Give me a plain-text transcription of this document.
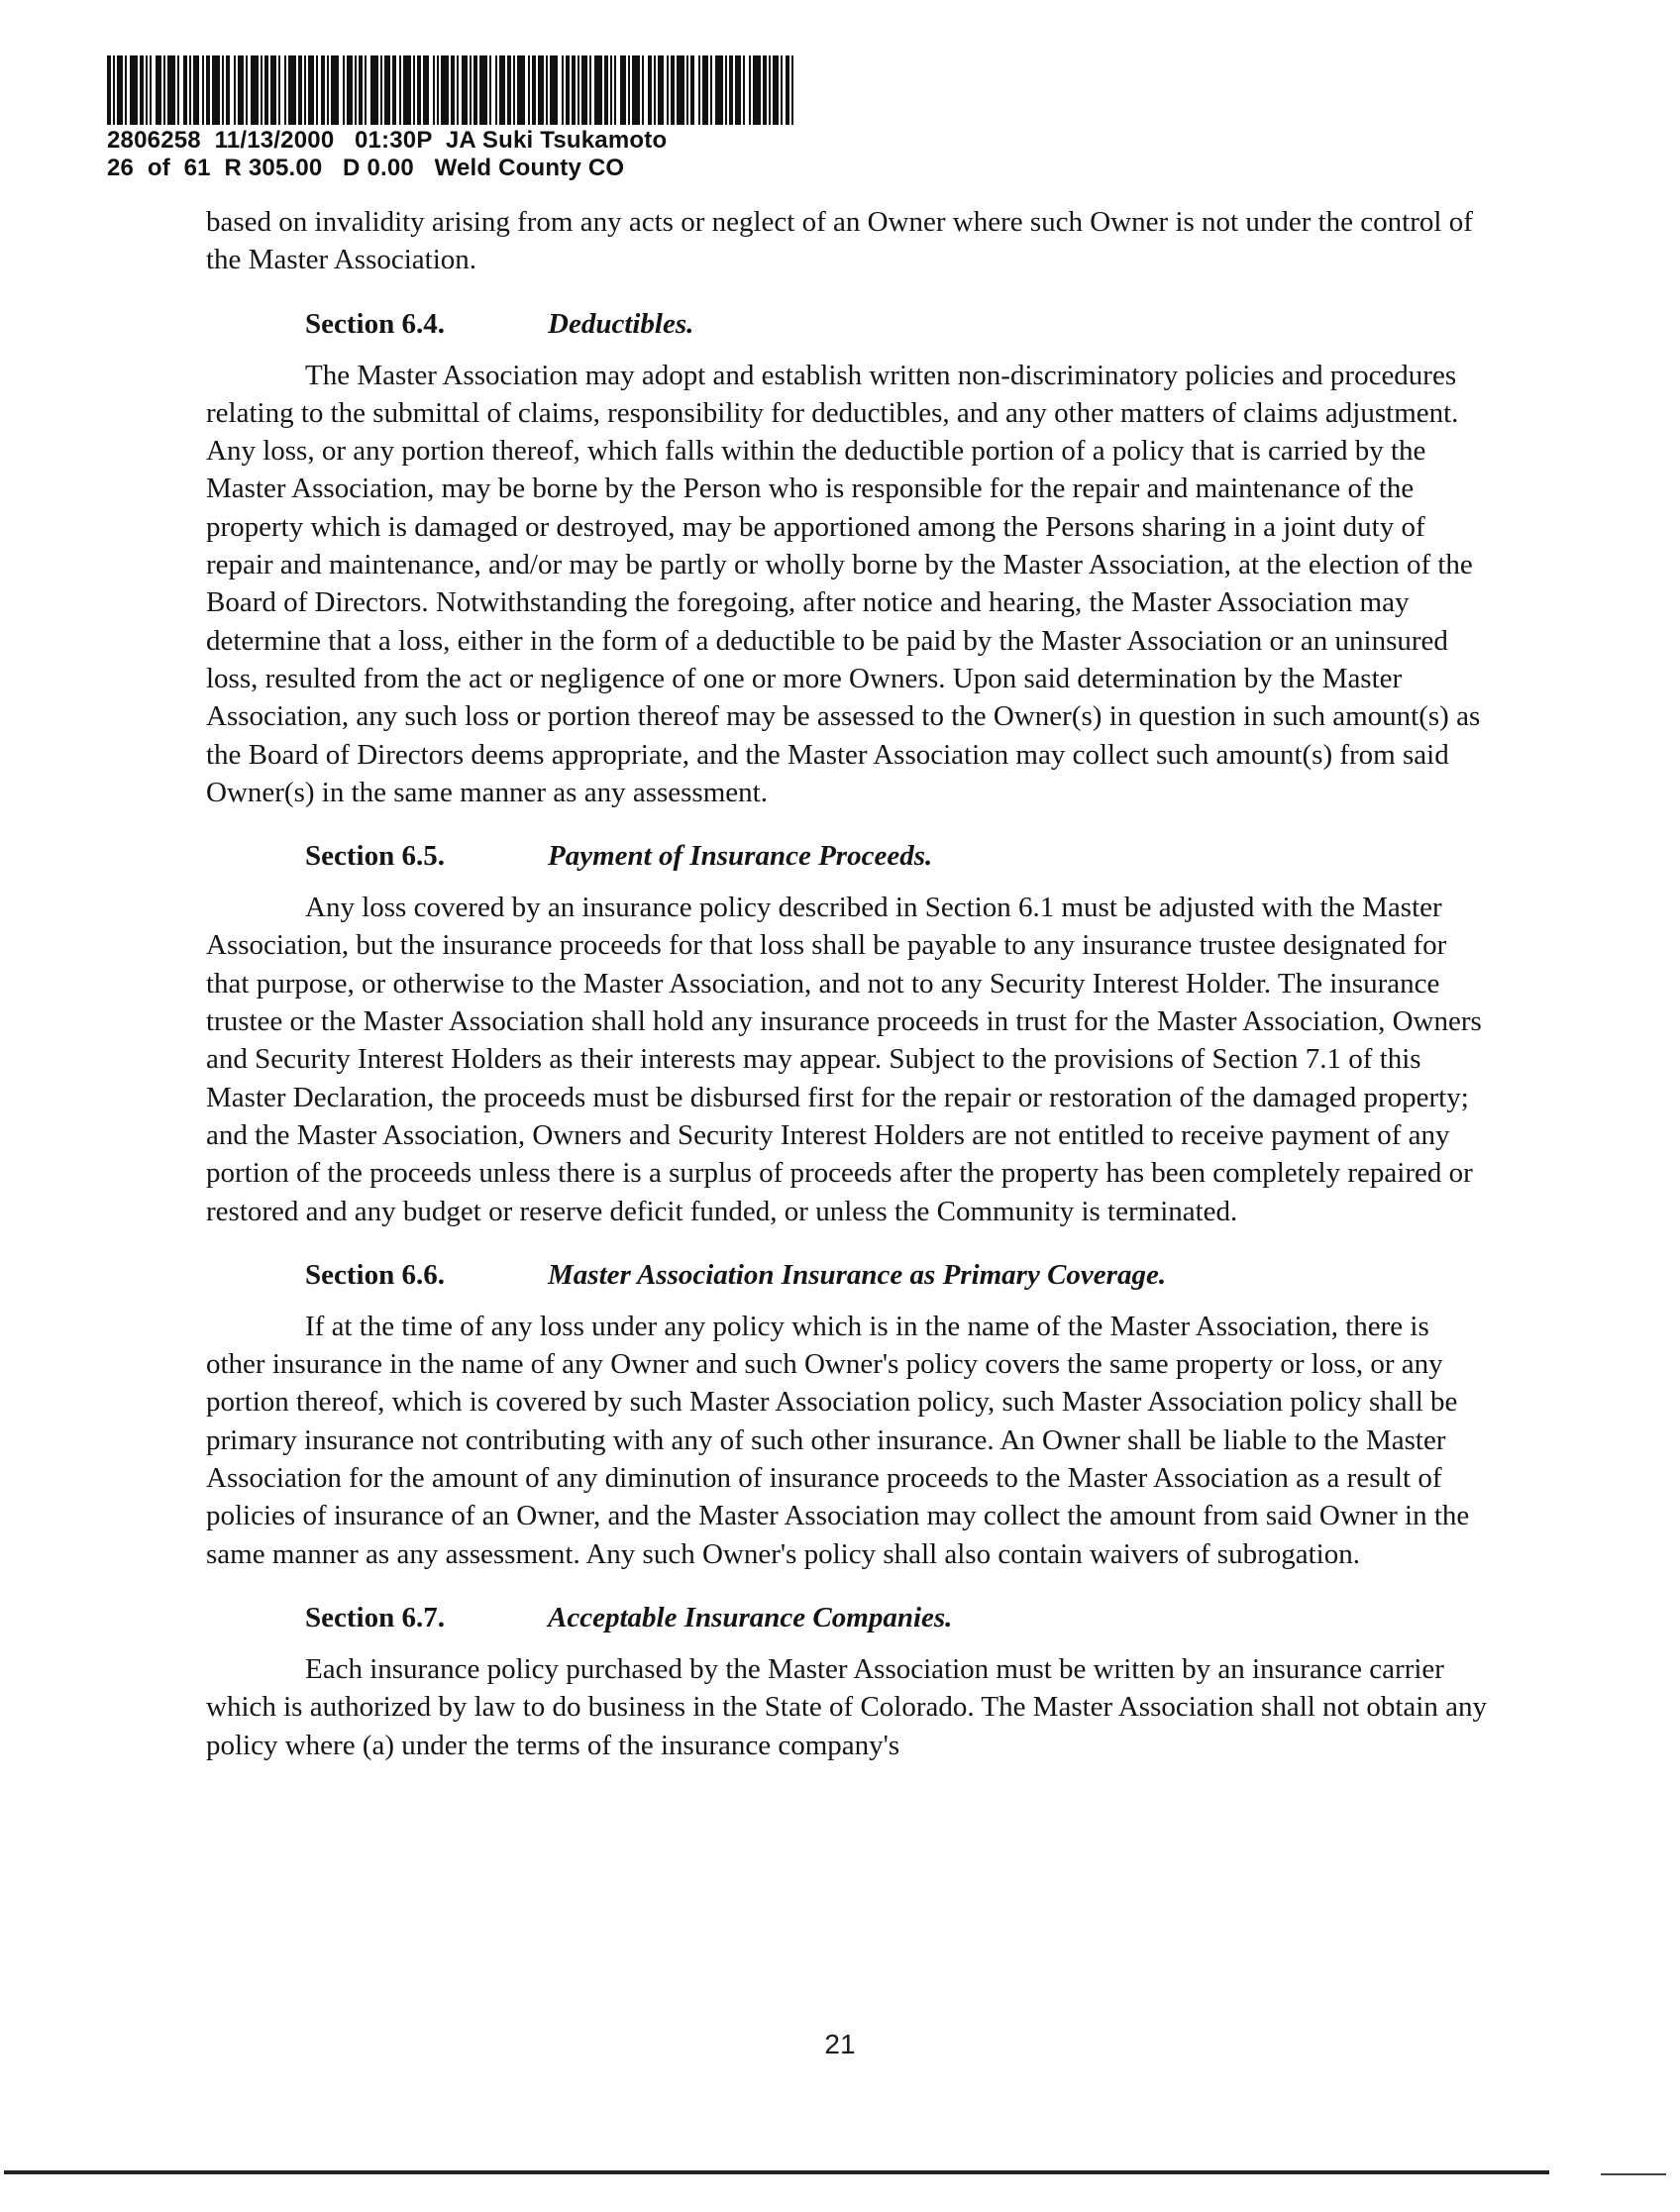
2806258  11/13/2000   01:30P  JA Suki Tsukamoto
26  of  61  R 305.00   D 0.00   Weld County CO

based on invalidity arising from any acts or neglect of an Owner where such Owner is not under the control of the Master Association.

Section 6.4.	Deductibles.

The Master Association may adopt and establish written non-discriminatory policies and procedures relating to the submittal of claims, responsibility for deductibles, and any other matters of claims adjustment. Any loss, or any portion thereof, which falls within the deductible portion of a policy that is carried by the Master Association, may be borne by the Person who is responsible for the repair and maintenance of the property which is damaged or destroyed, may be apportioned among the Persons sharing in a joint duty of repair and maintenance, and/or may be partly or wholly borne by the Master Association, at the election of the Board of Directors. Notwithstanding the foregoing, after notice and hearing, the Master Association may determine that a loss, either in the form of a deductible to be paid by the Master Association or an uninsured loss, resulted from the act or negligence of one or more Owners. Upon said determination by the Master Association, any such loss or portion thereof may be assessed to the Owner(s) in question in such amount(s) as the Board of Directors deems appropriate, and the Master Association may collect such amount(s) from said Owner(s) in the same manner as any assessment.

Section 6.5.	Payment of Insurance Proceeds.

Any loss covered by an insurance policy described in Section 6.1 must be adjusted with the Master Association, but the insurance proceeds for that loss shall be payable to any insurance trustee designated for that purpose, or otherwise to the Master Association, and not to any Security Interest Holder. The insurance trustee or the Master Association shall hold any insurance proceeds in trust for the Master Association, Owners and Security Interest Holders as their interests may appear. Subject to the provisions of Section 7.1 of this Master Declaration, the proceeds must be disbursed first for the repair or restoration of the damaged property; and the Master Association, Owners and Security Interest Holders are not entitled to receive payment of any portion of the proceeds unless there is a surplus of proceeds after the property has been completely repaired or restored and any budget or reserve deficit funded, or unless the Community is terminated.

Section 6.6.	Master Association Insurance as Primary Coverage.

If at the time of any loss under any policy which is in the name of the Master Association, there is other insurance in the name of any Owner and such Owner's policy covers the same property or loss, or any portion thereof, which is covered by such Master Association policy, such Master Association policy shall be primary insurance not contributing with any of such other insurance. An Owner shall be liable to the Master Association for the amount of any diminution of insurance proceeds to the Master Association as a result of policies of insurance of an Owner, and the Master Association may collect the amount from said Owner in the same manner as any assessment. Any such Owner's policy shall also contain waivers of subrogation.

Section 6.7.	Acceptable Insurance Companies.

Each insurance policy purchased by the Master Association must be written by an insurance carrier which is authorized by law to do business in the State of Colorado. The Master Association shall not obtain any policy where (a) under the terms of the insurance company's

21
